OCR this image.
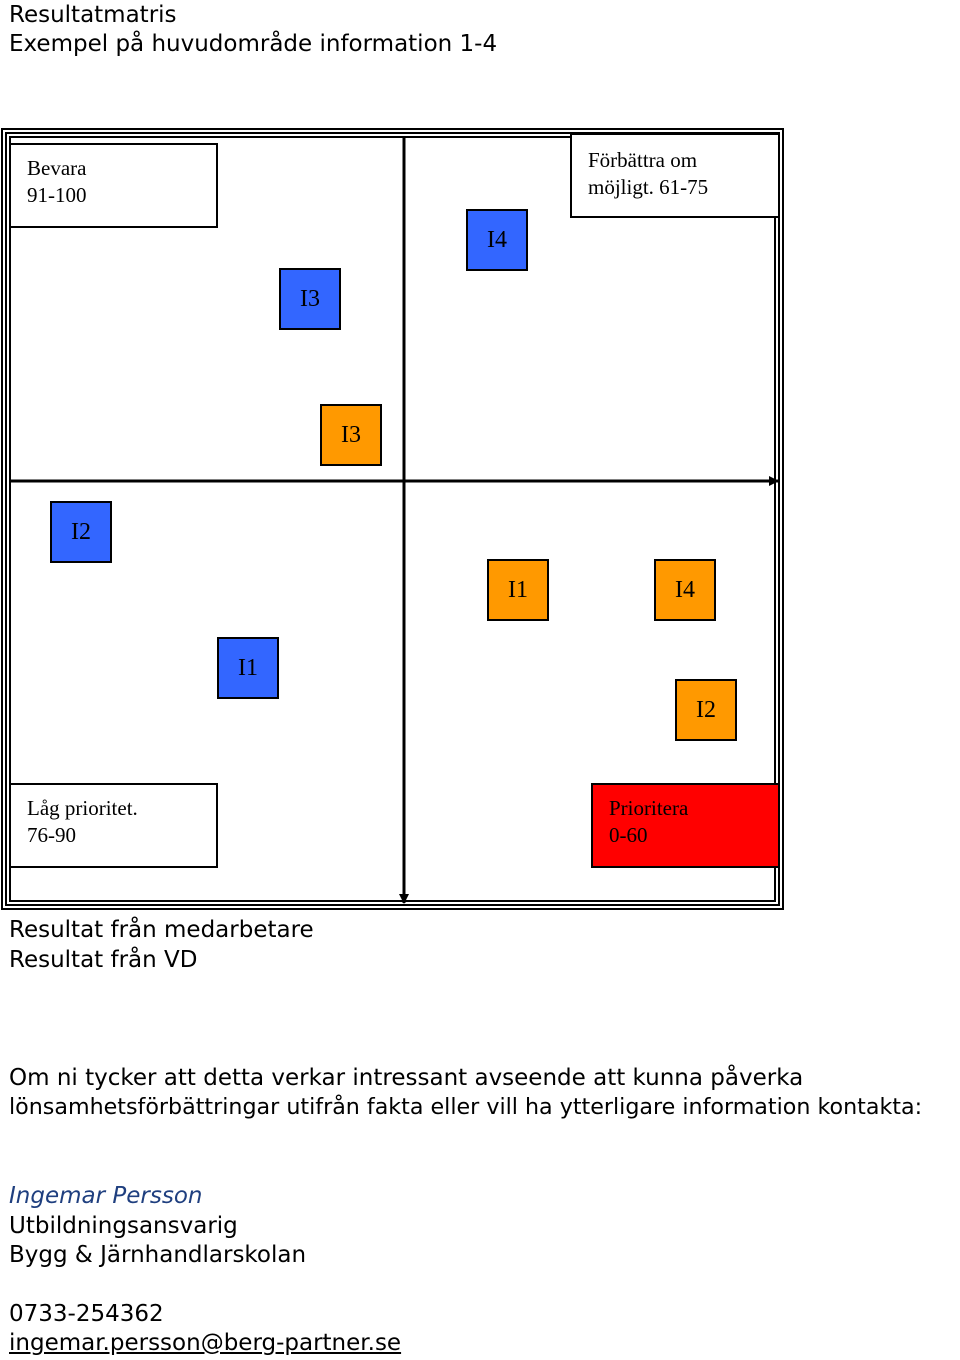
Resultatmatris
Exempel på huvudområde information 1-4
Bevara
91-100
Förbättra om
möjligt. 61-75
Låg prioritet.
76-90
Prioritera
0-60
I4
I3
I3
I2
I1	I4
I1
I2
Resultat från medarbetare
Resultat från VD
Om ni tycker att detta verkar intressant avseende att kunna påverka
lönsamhetsförbättringar utifrån fakta eller vill ha ytterligare information kontakta:
Ingemar Persson
Utbildningsansvarig
Bygg & Järnhandlarskolan
0733-254362
ingemar.persson@berg-partner.se
